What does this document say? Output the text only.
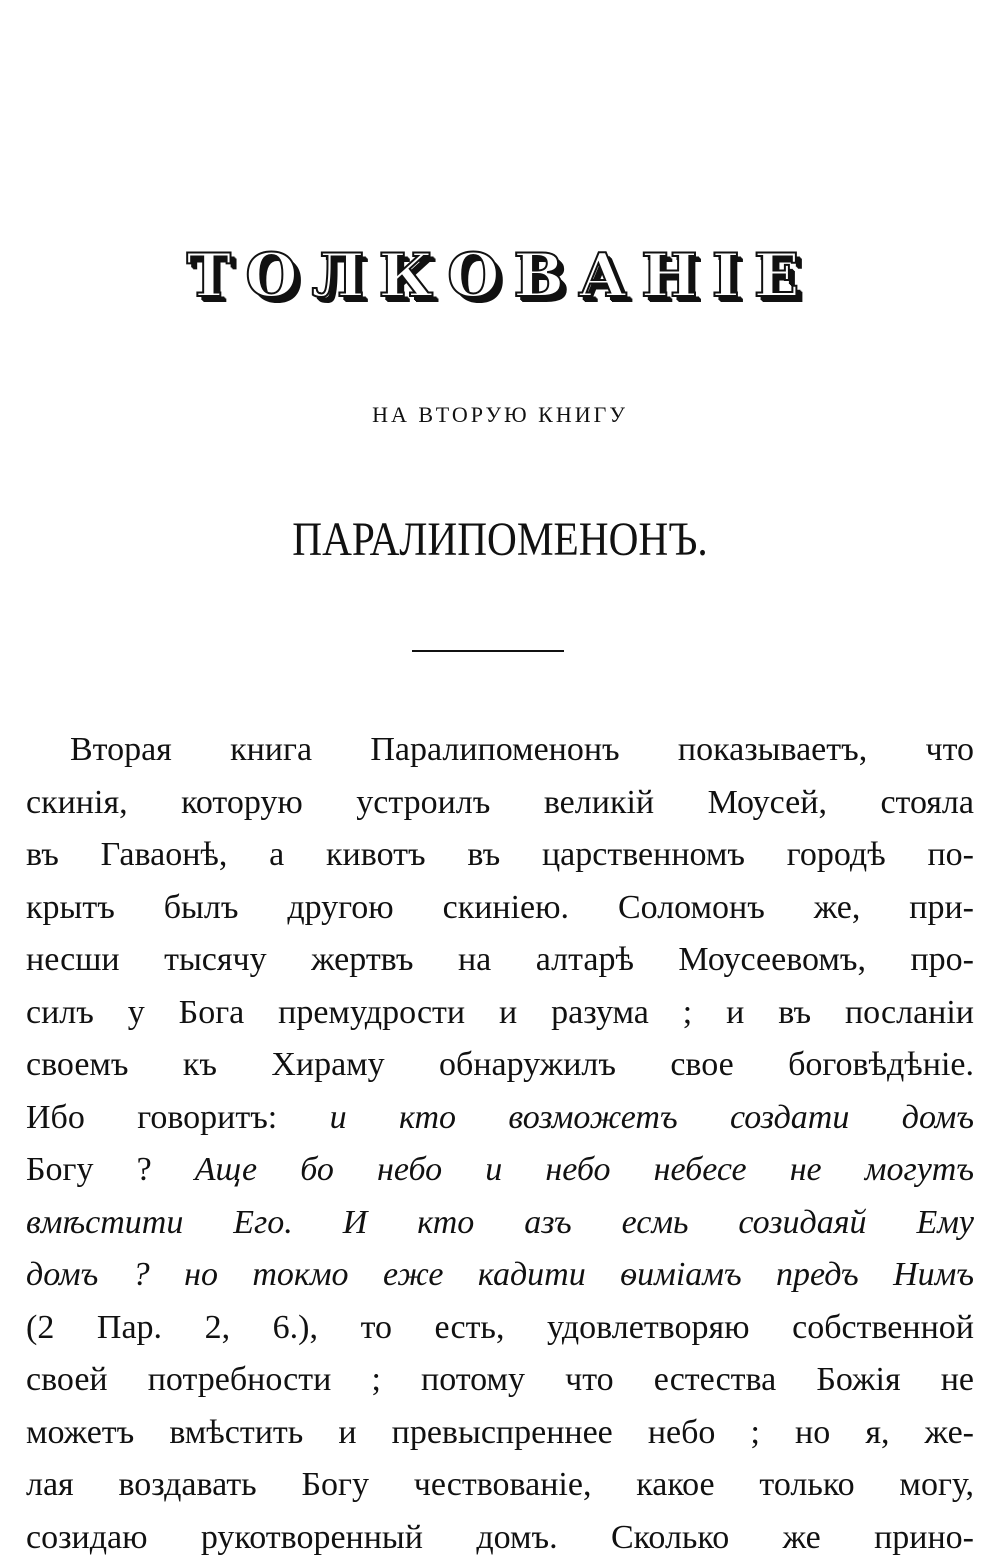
ТОЛКОВАНІЕ
НА ВТОРУЮ КНИГУ
ПАРАЛИПОМЕНОНЪ.
Вторая книга Паралипоменонъ показываетъ, что
скинія, которую устроилъ великій Моусей, стояла
въ Гаваонѣ, а кивотъ въ царственномъ городѣ по-
крытъ былъ другою скиніею. Соломонъ же, при-
несши тысячу жертвъ на алтарѣ Моусеевомъ, про-
силъ у Бога премудрости и разума ; и въ посланіи
своемъ къ Хираму обнаружилъ свое боговѣдѣніе.
Ибо говоритъ: и кто возможетъ создати домъ
Богу ? Аще бо небо и небо небесе не могутъ
вмѣстити Его. И кто азъ есмь созидаяй Ему
домъ ? но токмо еже кадити ѳиміамъ предъ Нимъ
(2 Пар. 2, 6.), то есть, удовлетворяю собственной
своей потребности ; потому что естества Божія не
можетъ вмѣстить и превыспреннее небо ; но я, же-
лая воздавать Богу чествованіе, какое только могу,
созидаю рукотворенный домъ. Сколько же прино-
